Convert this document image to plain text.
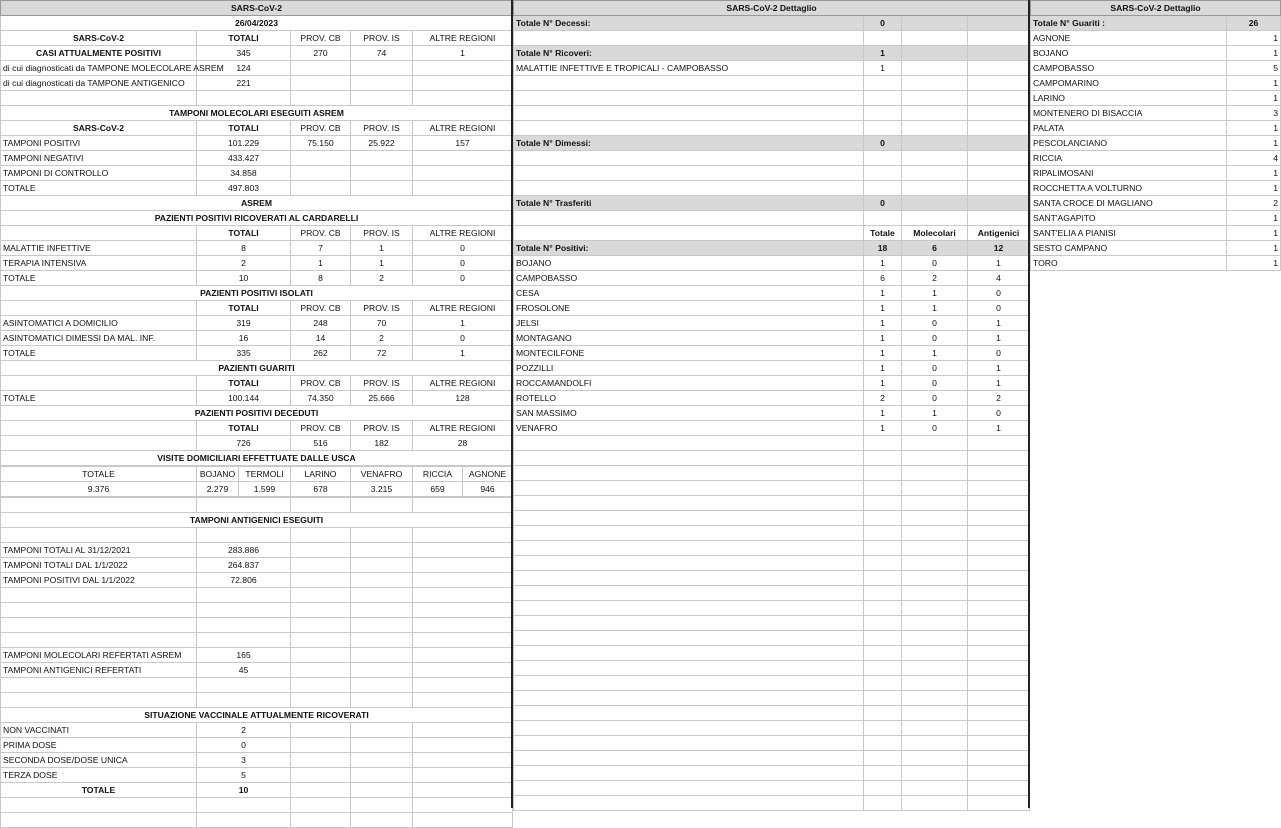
SARS-CoV-2				
26/04/2023				
SARS-CoV-2	TOTALI	PROV. CB	PROV. IS	ALTRE REGIONI
CASI ATTUALMENTE POSITIVI	345	270	74	1
di cui diagnosticati da TAMPONE MOLECOLARE ASREM	124			
di cui diagnosticati da TAMPONE ANTIGENICO	221			

TAMPONI MOLECOLARI ESEGUITI ASREM				
SARS-CoV-2	TOTALI	PROV. CB	PROV. IS	ALTRE REGIONI
TAMPONI POSITIVI	101.229	75.150	25.922	157
TAMPONI NEGATIVI	433.427			
TAMPONI DI CONTROLLO	34.858			
TOTALE	497.803			
ASREM				
PAZIENTI POSITIVI RICOVERATI AL CARDARELLI				
	TOTALI	PROV. CB	PROV. IS	ALTRE REGIONI
MALATTIE INFETTIVE	8	7	1	0
TERAPIA INTENSIVA	2	1	1	0
TOTALE	10	8	2	0
PAZIENTI POSITIVI ISOLATI				
	TOTALI	PROV. CB	PROV. IS	ALTRE REGIONI
ASINTOMATICI A DOMICILIO	319	248	70	1
ASINTOMATICI DIMESSI DA MAL. INF.	16	14	2	0
TOTALE	335	262	72	1
PAZIENTI GUARITI				
	TOTALI	PROV. CB	PROV. IS	ALTRE REGIONI
TOTALE	100.144	74.350	25.666	128
PAZIENTI POSITIVI DECEDUTI				
	TOTALI	PROV. CB	PROV. IS	ALTRE REGIONI
	726	516	182	28
VISITE DOMICILIARI EFFETTUATE DALLE USCA				
TOTALE	BOJANO	TERMOLI	LARINO	VENAFRO	RICCIA	AGNONE
9.376	2.279	1.599	678	3.215	659	946

TAMPONI ANTIGENICI ESEGUITI				

TAMPONI TOTALI AL 31/12/2021	283.886			
TAMPONI TOTALI DAL 1/1/2022	264.837			
TAMPONI POSITIVI DAL 1/1/2022	72.806			

TAMPONI MOLECOLARI REFERTATI ASREM	165			
TAMPONI ANTIGENICI REFERTATI	45			

SITUAZIONE VACCINALE ATTUALMENTE RICOVERATI				
NON VACCINATI	2			
PRIMA DOSE	0			
SECONDA DOSE/DOSE UNICA	3			
TERZA DOSE	5			
TOTALE	10			

SARS-CoV-2 Dettaglio			
Totale N° Decessi:	0		

Totale N° Ricoveri:	1		
MALATTIE INFETTIVE E TROPICALI - CAMPOBASSO	1		

Totale N° Dimessi:	0		

Totale N° Trasferiti	0		

	Totale	Molecolari	Antigenici
Totale N° Positivi:	18	6	12
BOJANO	1	0	1
CAMPOBASSO	6	2	4
CESA	1	1	0
FROSOLONE	1	1	0
JELSI	1	0	1
MONTAGANO	1	0	1
MONTECILFONE	1	1	0
POZZILLI	1	0	1
ROCCAMANDOLFI	1	0	1
ROTELLO	2	0	2
SAN MASSIMO	1	1	0
VENAFRO	1	0	1

SARS-CoV-2 Dettaglio	
Totale N° Guariti :	26
AGNONE	1
BOJANO	1
CAMPOBASSO	5
CAMPOMARINO	1
LARINO	1
MONTENERO DI BISACCIA	3
PALATA	1
PESCOLANCIANO	1
RICCIA	4
RIPALIMOSANI	1
ROCCHETTA A VOLTURNO	1
SANTA CROCE DI MAGLIANO	2
SANT'AGAPITO	1
SANT'ELIA A PIANISI	1
SESTO CAMPANO	1
TORO	1
